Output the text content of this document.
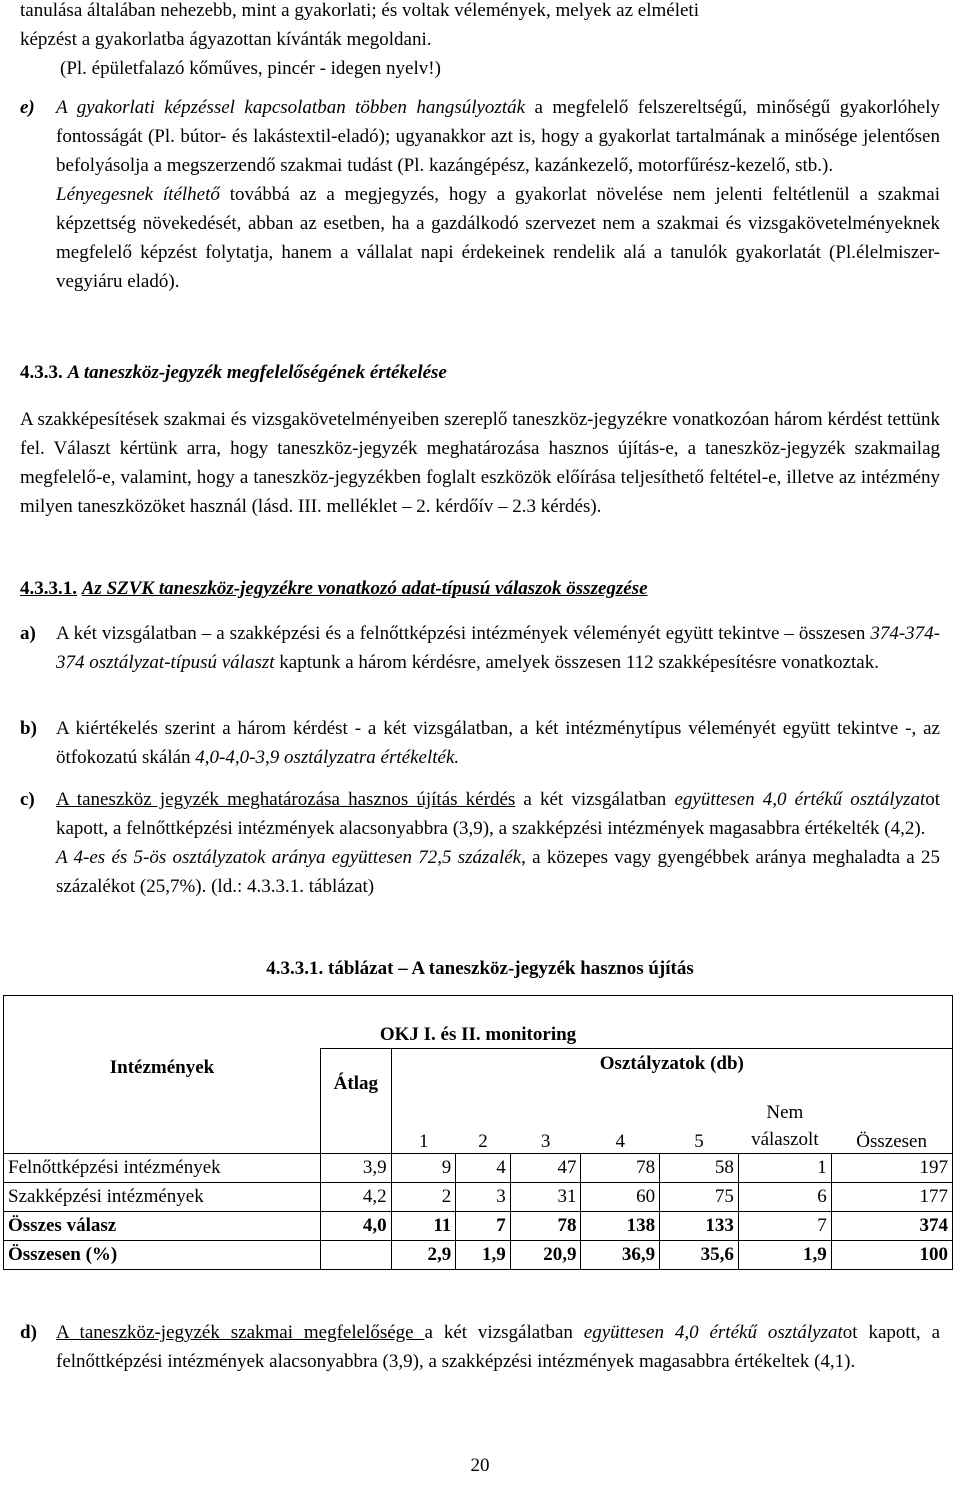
tanulása általában nehezebb, mint a gyakorlati; és voltak vélemények, melyek az elméleti

képzést a gyakorlatba ágyazottan kívánták megoldani.

(Pl. épületfalazó kőműves, pincér - idegen nyelv!)

e) A gyakorlati képzéssel kapcsolatban többen hangsúlyozták a megfelelő felszereltségű, minőségű gyakorlóhely fontosságát (Pl. bútor- és lakástextil-eladó); ugyanakkor azt is, hogy a gyakorlat tartalmának a minősége jelentősen befolyásolja a megszerzendő szakmai tudást (Pl. kazángépész, kazánkezelő, motorfűrész-kezelő, stb.).

Lényegesnek ítélhető továbbá az a megjegyzés, hogy a gyakorlat növelése nem jelenti feltétlenül a szakmai képzettség növekedését, abban az esetben, ha a gazdálkodó szervezet nem a szakmai és vizsgakövetelményeknek megfelelő képzést folytatja, hanem a vállalat napi érdekeinek rendelik alá a tanulók gyakorlatát (Pl.élelmiszer-vegyiáru eladó).

4.3.3. A taneszköz-jegyzék megfelelőségének értékelése
A szakképesítések szakmai és vizsgakövetelményeiben szereplő taneszköz-jegyzékre vonatkozóan három kérdést tettünk fel. Választ kértünk arra, hogy taneszköz-jegyzék meghatározása hasznos újítás-e, a taneszköz-jegyzék szakmailag megfelelő-e, valamint, hogy a taneszköz-jegyzékben foglalt eszközök előírása teljesíthető feltétel-e, illetve az intézmény milyen taneszközöket használ (lásd. III. melléklet – 2. kérdőív – 2.3 kérdés).
4.3.3.1. Az SZVK taneszköz-jegyzékre vonatkozó adat-típusú válaszok összegzése
a) A két vizsgálatban – a szakképzési és a felnőttképzési intézmények véleményét együtt tekintve – összesen 374-374-374 osztályzat-típusú választ kaptunk a három kérdésre, amelyek összesen 112 szakképesítésre vonatkoztak.
b) A kiértékelés szerint a három kérdést - a két vizsgálatban, a két intézménytípus véleményét együtt tekintve -, az ötfokozatú skálán 4,0-4,0-3,9 osztályzatra értékelték.
c) A taneszköz jegyzék meghatározása hasznos újítás kérdés a két vizsgálatban együttesen 4,0 értékű osztályzatot kapott, a felnőttképzési intézmények alacsonyabbra (3,9), a szakképzési intézmények magasabbra értékelték (4,2).

A 4-es és 5-ös osztályzatok aránya együttesen 72,5 százalék, a közepes vagy gyengébbek aránya meghaladta a 25 százalékot (25,7%). (ld.: 4.3.3.1. táblázat)

4.3.3.1. táblázat – A taneszköz-jegyzék hasznos újítás
OKJ I. és II. monitoring								
Intézmények	Átlag	Osztályzatok (db)						
		1	2	3	4	5	Nem válaszolt	Összesen
Felnőttképzési intézmények	3,9	9	4	47	78	58	1	197
Szakképzési intézmények	4,2	2	3	31	60	75	6	177
Összes válasz	4,0	11	7	78	138	133	7	374
Összesen (%)		2,9	1,9	20,9	36,9	35,6	1,9	100
d) A taneszköz-jegyzék szakmai megfelelősége a két vizsgálatban együttesen 4,0 értékű osztályzatot kapott, a felnőttképzési intézmények alacsonyabbra (3,9), a szakképzési intézmények magasabbra értékeltek (4,1).
20
